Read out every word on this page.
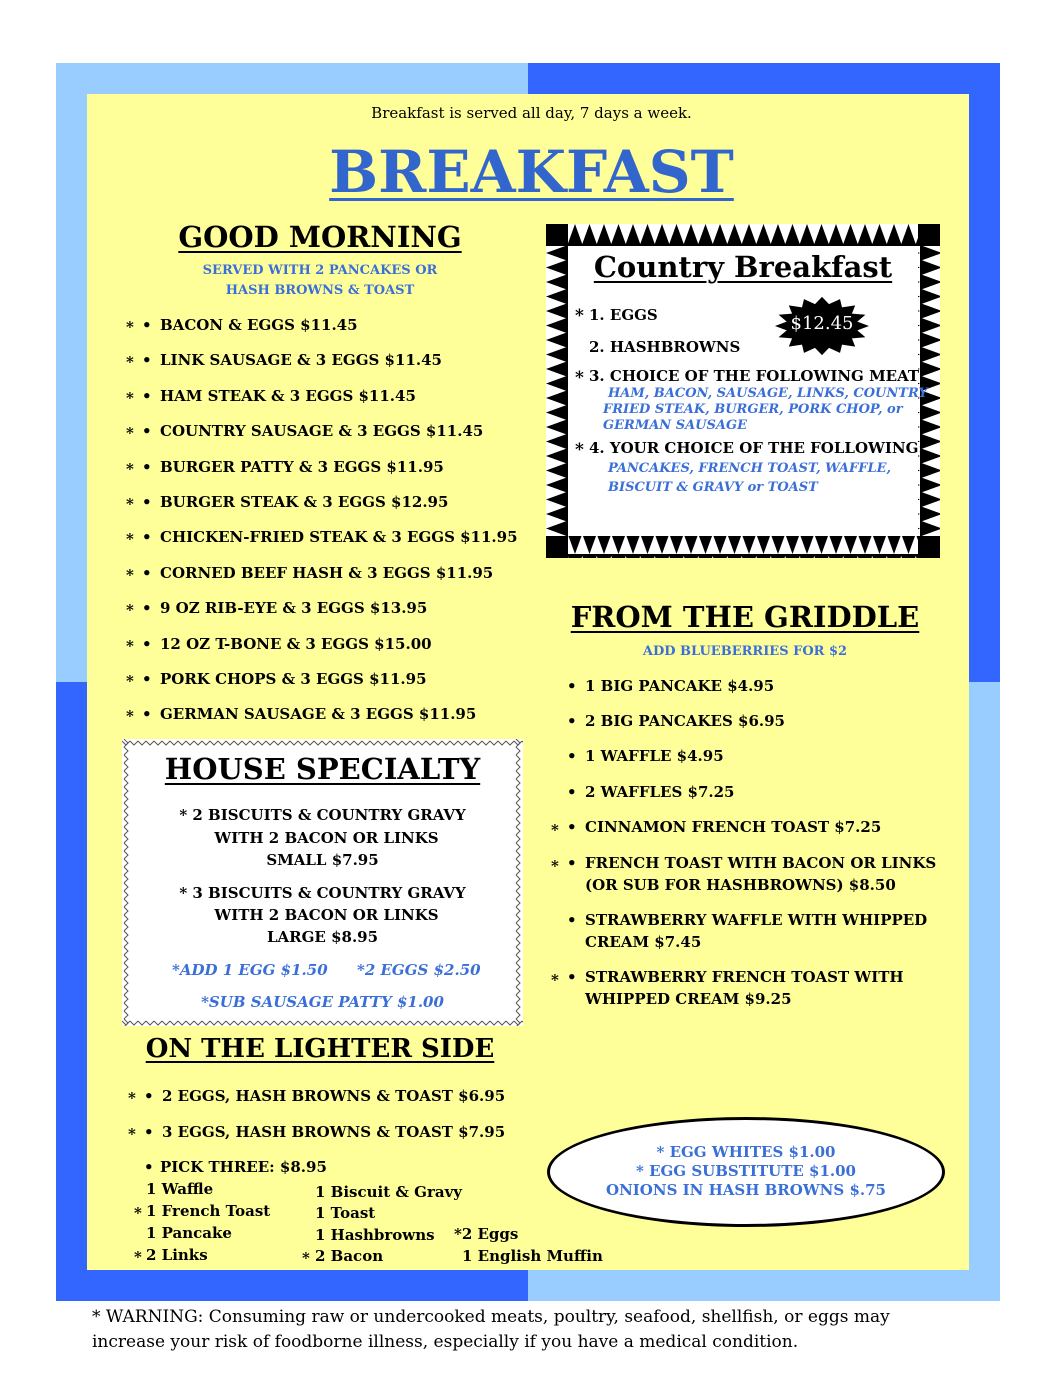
Breakfast is served all day, 7 days a week.
BREAKFAST
GOOD MORNING
SERVED WITH 2 PANCAKES OR
HASH BROWNS & TOAST
* • BACON & EGGS $11.45
* • LINK SAUSAGE & 3 EGGS $11.45
* • HAM STEAK & 3 EGGS $11.45
* • COUNTRY SAUSAGE & 3 EGGS $11.45
* • BURGER PATTY & 3 EGGS $11.95
* • BURGER STEAK & 3 EGGS $12.95
* • CHICKEN-FRIED STEAK & 3 EGGS $11.95
* • CORNED BEEF HASH & 3 EGGS $11.95
* • 9 OZ RIB-EYE & 3 EGGS $13.95
* • 12 OZ T-BONE & 3 EGGS $15.00
* • PORK CHOPS & 3 EGGS $11.95
* • GERMAN SAUSAGE & 3 EGGS $11.95
Country Breakfast
$12.45
* 1. EGGS
2. HASHBROWNS
* 3. CHOICE OF THE FOLLOWING MEAT:
HAM, BACON, SAUSAGE, LINKS, COUNTRY
FRIED STEAK, BURGER, PORK CHOP, or
GERMAN SAUSAGE
* 4. YOUR CHOICE OF THE FOLLOWING:
PANCAKES, FRENCH TOAST, WAFFLE,
BISCUIT & GRAVY or TOAST
FROM THE GRIDDLE
ADD BLUEBERRIES FOR $2
• 1 BIG PANCAKE $4.95
• 2 BIG PANCAKES $6.95
• 1 WAFFLE $4.95
• 2 WAFFLES $7.25
* • CINNAMON FRENCH TOAST $7.25
* • FRENCH TOAST WITH BACON OR LINKS
(OR SUB FOR HASHBROWNS) $8.50
• STRAWBERRY WAFFLE WITH WHIPPED
CREAM $7.45
* • STRAWBERRY FRENCH TOAST WITH
WHIPPED CREAM $9.25
HOUSE SPECIALTY
* 2 BISCUITS & COUNTRY GRAVY
WITH 2 BACON OR LINKS
SMALL $7.95
* 3 BISCUITS & COUNTRY GRAVY
WITH 2 BACON OR LINKS
LARGE $8.95
*ADD 1 EGG $1.50 *2 EGGS $2.50
*SUB SAUSAGE PATTY $1.00
ON THE LIGHTER SIDE
* • 2 EGGS, HASH BROWNS & TOAST $6.95
* • 3 EGGS, HASH BROWNS & TOAST $7.95
• PICK THREE: $8.95
1 Waffle
* 1 French Toast
1 Pancake
* 2 Links
1 Biscuit & Gravy
1 Toast
1 Hashbrowns
* 2 Bacon
*2 Eggs
1 English Muffin
* EGG WHITES $1.00
* EGG SUBSTITUTE $1.00
ONIONS IN HASH BROWNS $.75
* WARNING: Consuming raw or undercooked meats, poultry, seafood, shellfish, or eggs may
increase your risk of foodborne illness, especially if you have a medical condition.
